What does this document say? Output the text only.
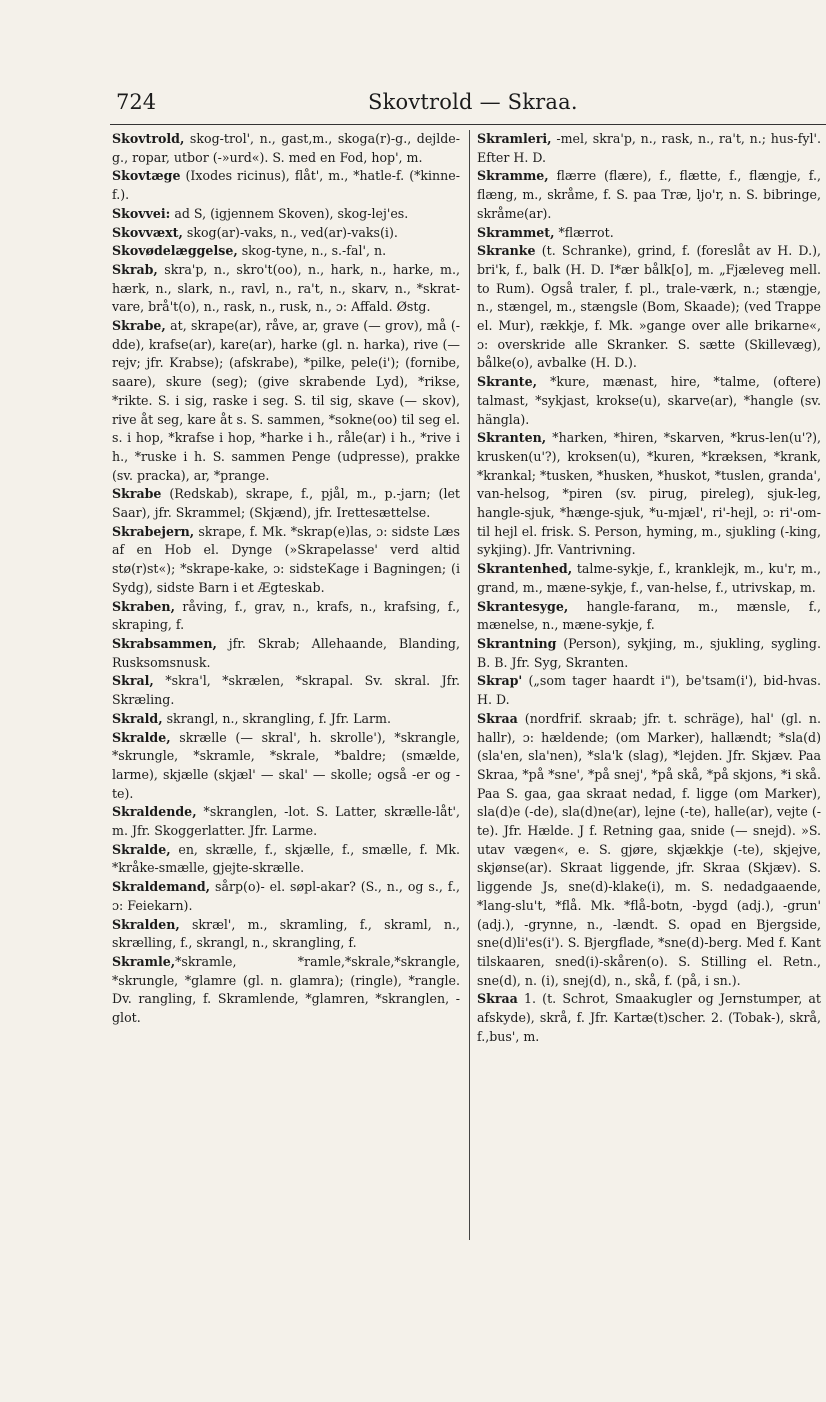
724	Skovtrold — Skraa.

Skovtrold, skog-trol', n., gast,m., skoga(r)-g., dejlde-g., ropar, utbor (-»urd«). S. med en Fod, hop', m.

Skovtæge (Ixodes ricinus), flåt', m., *hatle-f. (*kinne-f.).

Skovvei: ad S, (igjennem Skoven), skog-lej'es.

Skovvæxt, skog(ar)-vaks, n., ved(ar)-vaks(i).

Skovødelæggelse, skog-tyne, n., s.-fal', n.

Skrab, skra'p, n., skro't(oo), n., hark, n., harke, m., hærk, n., slark, n., ravl, n., ra't, n., skarv, n., *skrat-vare, brå't(o), n., rask, n., rusk, n., ɔ: Affald. Østg.

Skrabe, at, skrape(ar), råve, ar, grave (— grov), må (-dde), krafse(ar), kare(ar), harke (gl. n. harka), rive (— rejv; jfr. Krabse); (afskrabe), *pilke, pele(i'); (fornibe, saare), skure (seg); (give skrabende Lyd), *rikse, *rikte. S. i sig, raske i seg. S. til sig, skave (— skov), rive åt seg, kare åt s. S. sammen, *sokne(oo) til seg el. s. i hop, *krafse i hop, *harke i h., råle(ar) i h., *rive i h., *ruske i h. S. sammen Penge (udpresse), prakke (sv. pracka), ar, *prange.

Skrabe (Redskab), skrape, f., pjål, m., p.-jarn; (let Saar), jfr. Skrammel; (Skjænd), jfr. Irettesættelse.

Skrabejern, skrape, f. Mk. *skrap(e)las, ɔ: sidste Læs af en Hob el. Dynge (»Skrapelasse' verd altid stø(r)st«); *skrape-kake, ɔ: sidsteKage i Bagningen; (i Sydg), sidste Barn i et Ægteskab.

Skraben, råving, f., grav, n., krafs, n., krafsing, f., skraping, f.

Skrabsammen, jfr. Skrab; Allehaande, Blanding, Rusksomsnusk.

Skral, *skra'l, *skrælen, *skrapal. Sv. skral. Jfr. Skræling.

Skrald, skrangl, n., skrangling, f. Jfr. Larm.

Skralde, skrælle (— skral', h. skrolle'), *skrangle, *skrungle, *skramle, *skrale, *baldre; (smælde, larme), skjælle (skjæl' — skal' — skolle; også -er og -te).

Skraldende, *skranglen, -lot. S. Latter, skrælle-låt', m. Jfr. Skoggerlatter. Jfr. Larme.

Skralde, en, skrælle, f., skjælle, f., smælle, f. Mk. *kråke-smælle, gjejte-skrælle.

Skraldemand, sårp(o)- el. søpl-akar? (S., n., og s., f., ɔ: Feiekarn).

Skralden, skræl', m., skramling, f., skraml, n., skrælling, f., skrangl, n., skrangling, f.

Skramle,*skramle, *ramle,*skrale,*skrangle, *skrungle, *glamre (gl. n. glamra); (ringle), *rangle. Dv. rangling, f. Skramlende, *glamren, *skranglen, -glot.

Skramleri, -mel, skra'p, n., rask, n., ra't, n.; hus-fyl'. Efter H. D.

Skramme, flærre (flære), f., flætte, f., flængje, f., flæng, m., skråme, f. S. paa Træ, ljo'r, n. S. bibringe, skråme(ar).

Skrammet, *flærrot.

Skranke (t. Schranke), grind, f. (foreslåt av H. D.), bri'k, f., balk (H. D. I*ær bålk[o], m. „Fjæleveg mell. to Rum). Også traler, f. pl., trale-værk, n.; stængje, n., stængel, m., stængsle (Bom, Skaade); (ved Trappe el. Mur), rækkje, f. Mk. »gange over alle brikarne«, ɔ: overskride alle Skranker. S. sætte (Skillevæg), bålke(o), avbalke (H. D.).

Skrante, *kure, mænast, hire, *talme, (oftere) talmast, *sykjast, krokse(u), skarve(ar), *hangle (sv. hängla).

Skranten, *harken, *hiren, *skarven, *krus-len(u'?), krusken(u'?), kroksen(u), *kuren, *kræksen, *krank, *krankal; *tusken, *husken, *huskot, *tuslen, granda', van-helsog, *piren (sv. pirug, pireleg), sjuk-leg, hangle-sjuk, *hænge-sjuk, *u-mjæl', ri'-hejl, ɔ: ri'-om-til hejl el. frisk. S. Person, hyming, m., sjukling (-king, sykjing). Jfr. Vantrivning.

Skrantenhed, talme-sykje, f., kranklejk, m., ku'r, m., grand, m., mæne-sykje, f., van-helse, f., utrivskap, m.

Skrantesyge, hangle-faranɑ, m., mænsle, f., mænelse, n., mæne-sykje, f.

Skrantning (Person), sykjing, m., sjukling, sygling. B. B. Jfr. Syg, Skranten.

Skrap' („som tager haardt i"), be'tsam(i'), bid-hvas. H. D.

Skraa (nordfrif. skraab; jfr. t. schräge), hal' (gl. n. hallr), ɔ: hældende; (om Marker), hallændt; *sla(d) (sla'en, sla'nen), *sla'k (slag), *lejden. Jfr. Skjæv. Paa Skraa, *på *sne', *på snej', *på skå, *på skjons, *i skå. Paa S. gaa, gaa skraat nedad, f. ligge (om Marker), sla(d)e (-de), sla(d)ne(ar), lejne (-te), halle(ar), vejte (-te). Jfr. Hælde. J f. Retning gaa, snide (— snejd). »S. utav vægen«, e. S. gjøre, skjækkje (-te), skjejve, skjønse(ar). Skraat liggende, jfr. Skraa (Skjæv). S. liggende Js, sne(d)-klake(i), m. S. nedadgaaende, *lang-slu't, *flå. Mk. *flå-botn, -bygd (adj.), -grun' (adj.), -grynne, n., -lændt. S. opad en Bjergside, sne(d)li'es(i'). S. Bjergflade, *sne(d)-berg. Med f. Kant tilskaaren, sned(i)-skåren(o). S. Stilling el. Retn., sne(d), n. (i), snej(d), n., skå, f. (på, i sn.).

Skraa 1. (t. Schrot, Smaakugler og Jernstumper, at afskyde), skrå, f. Jfr. Kartæ(t)scher. 2. (Tobak-), skrå, f.,bus', m.
